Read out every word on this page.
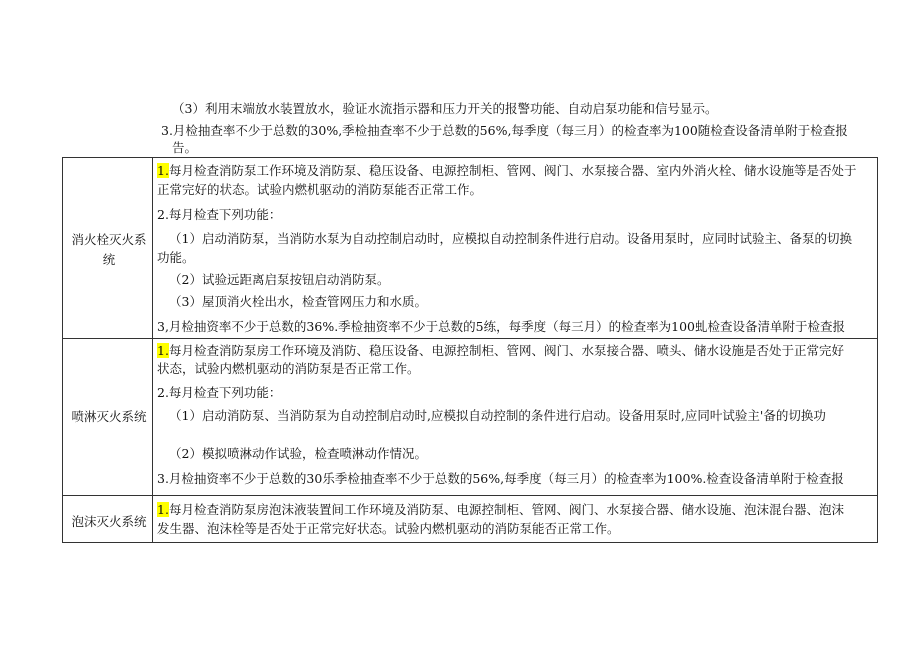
（3）利用末端放水装置放水，验证水流指示器和压力开关的报警功能、自动启泵功能和信号显示。
3.月检抽查率不少于总数的30%,季检抽查率不少于总数的56%,每季度（每三月）的检查率为100随检查设备清单附于检查报
告。
消火栓灭火系统
1.每月检查消防泵工作环境及消防泵、稳压设备、电源控制柜、管网、阀门、水泵接合器、室内外消火栓、储水设施等是否处于
正常完好的状态。试验内燃机驱动的消防泵能否正常工作。
2.每月检查下列功能：
（1）启动消防泵，当消防水泵为自动控制启动时，应模拟自动控制条件进行启动。设备用泵时，应同时试验主、备泵的切换
功能。
（2）试验远距离启泵按钮启动消防泵。
（3）屋顶消火栓出水，检查管网压力和水质。
3,月检抽资率不少于总数的36%.季检抽资率不少于总数的5练，每季度（每三月）的检查率为100虬检查设备清单附于检查报
喷淋灭火系统
1.每月检查消防泵房工作环境及消防、稳压设备、电源控制柜、管网、阀门、水泵接合器、喷头、储水设施是否处于正常完好
状态，试验内燃机驱动的消防泵是否正常工作。
2.每月检查下列功能：
（1）启动消防泵、当消防泵为自动控制启动时,应模拟自动控制的条件进行启动。设备用泵时,应同叶试验主'备的切换功
（2）模拟喷淋动作试验，检查喷淋动作情况。
3.月检抽资率不少于总数的30乐季检抽查率不少于总数的56%,每季度（每三月）的检查率为100%.检查设备清单附于检查报
泡沫灭火系统
1.每月检查消防泵房泡沫液装置间工作环境及消防泵、电源控制柜、管网、阀门、水泵接合器、储水设施、泡沫混台器、泡沫
发生器、泡沫栓等是否处于正常完好状态。试验内燃机驱动的消防泵能否正常工作。
